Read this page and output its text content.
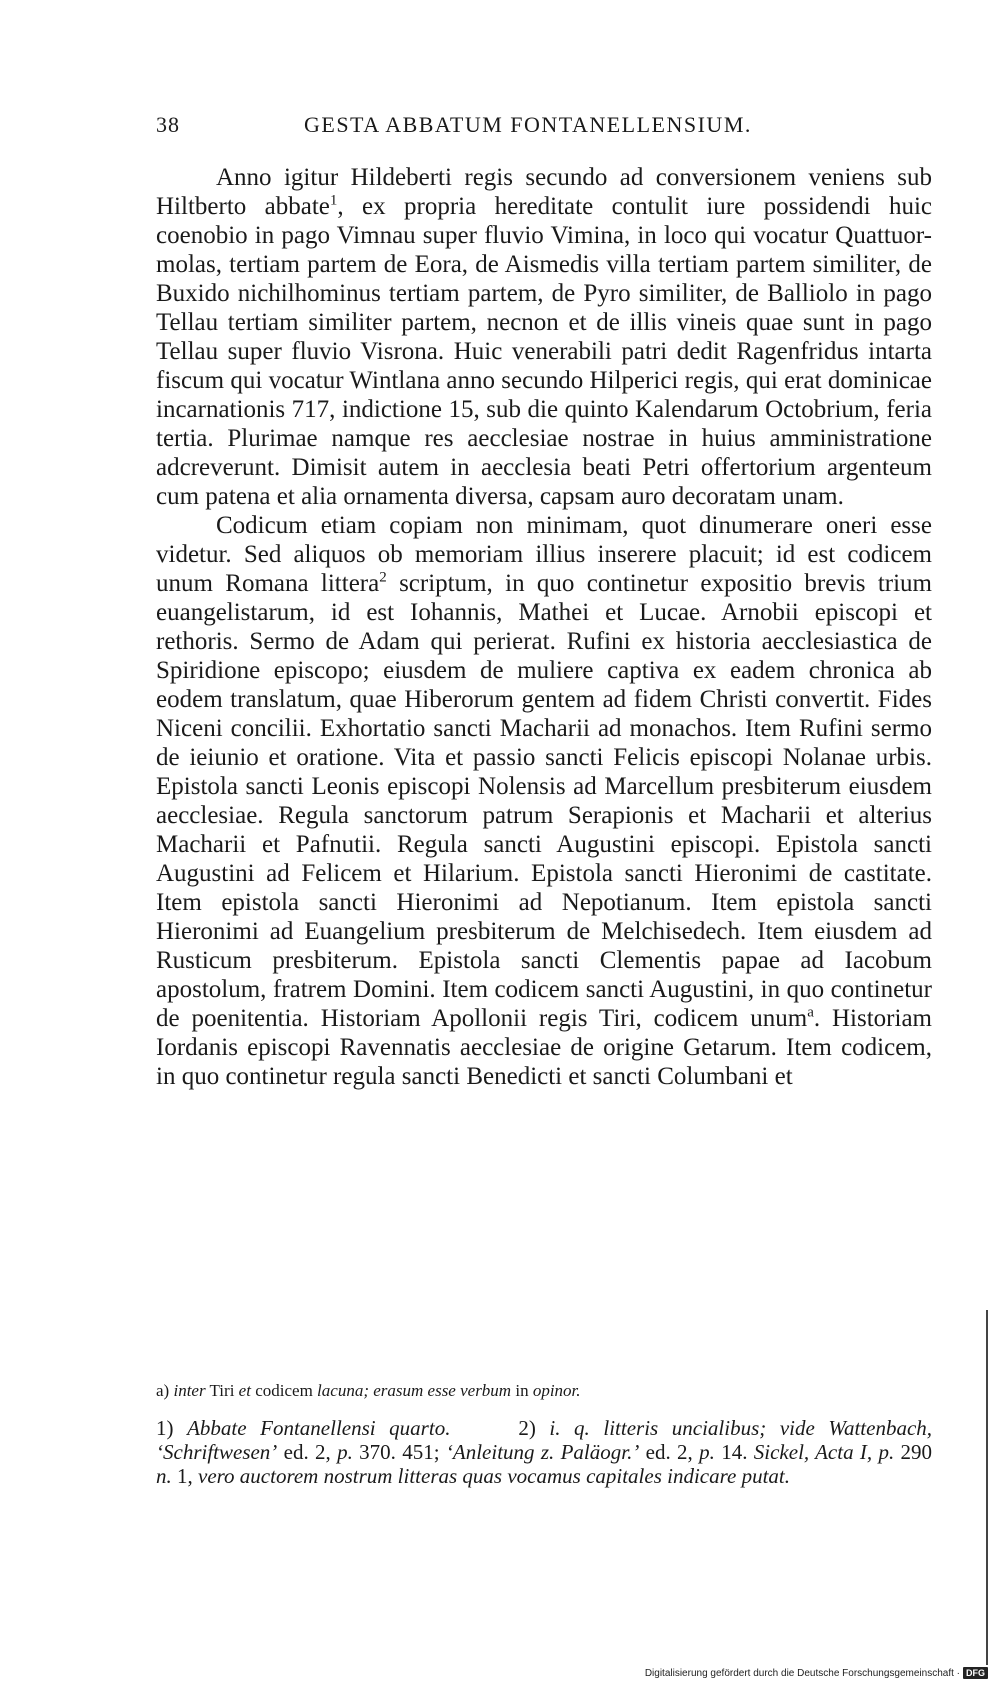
38	GESTA ABBATUM FONTANELLENSIUM.

Anno igitur Hildeberti regis secundo ad conversionem veniens sub Hiltberto abbate$^1$, ex propria hereditate contulit iure possidendi huic coenobio in pago Vimnau super fluvio Vimina, in loco qui vocatur Quattuor-molas, tertiam partem de Eora, de Aismedis villa tertiam partem similiter, de Buxido nichilhominus tertiam partem, de Pyro similiter, de Balliolo in pago Tellau tertiam similiter partem, necnon et de illis vineis quae sunt in pago Tellau super fluvio Visrona. Huic venerabili patri dedit Ragenfridus intarta fiscum qui vocatur Wintlana anno secundo Hilperici regis, qui erat dominicae incarnationis 717, indictione 15, sub die quinto Kalendarum Octobrium, feria tertia. Plurimae namque res aecclesiae nostrae in huius amministratione adcreverunt. Dimisit autem in aecclesia beati Petri offertorium argenteum cum patena et alia ornamenta diversa, capsam auro decoratam unam.

Codicum etiam copiam non minimam, quot dinumerare oneri esse videtur. Sed aliquos ob memoriam illius inserere placuit; id est codicem unum Romana littera$^2$ scriptum, in quo continetur expositio brevis trium euangelistarum, id est Iohannis, Mathei et Lucae. Arnobii episcopi et rethoris. Sermo de Adam qui perierat. Rufini ex historia aecclesiastica de Spiridione episcopo; eiusdem de muliere captiva ex eadem chronica ab eodem translatum, quae Hiberorum gentem ad fidem Christi convertit. Fides Niceni concilii. Exhortatio sancti Macharii ad monachos. Item Rufini sermo de ieiunio et oratione. Vita et passio sancti Felicis episcopi Nolanae urbis. Epistola sancti Leonis episcopi Nolensis ad Marcellum presbiterum eiusdem aecclesiae. Regula sanctorum patrum Serapionis et Macharii et alterius Macharii et Pafnutii. Regula sancti Augustini episcopi. Epistola sancti Augustini ad Felicem et Hilarium. Epistola sancti Hieronimi de castitate. Item epistola sancti Hieronimi ad Nepotianum. Item epistola sancti Hieronimi ad Euangelium presbiterum de Melchisedech. Item eiusdem ad Rusticum presbiterum. Epistola sancti Clementis papae ad Iacobum apostolum, fratrem Domini. Item codicem sancti Augustini, in quo continetur de poenitentia. Historiam Apollonii regis Tiri, codicem unum$^a$. Historiam Iordanis episcopi Ravennatis aecclesiae de origine Getarum. Item codicem, in quo continetur regula sancti Benedicti et sancti Columbani et

a) inter Tiri et codicem lacuna; erasum esse verbum in opinor.

1) Abbate Fontanellensi quarto.	2) i. q. litteris uncialibus; vide Wattenbach, ‘Schriftwesen’ ed. 2, p. 370. 451; ‘Anleitung z. Paläogr.’ ed. 2, p. 14. Sickel, Acta I, p. 290 n. 1, vero auctorem nostrum litteras quas vocamus capitales indicare putat.

Digitalisierung gefördert durch die Deutsche Forschungsgemeinschaft · DFG
